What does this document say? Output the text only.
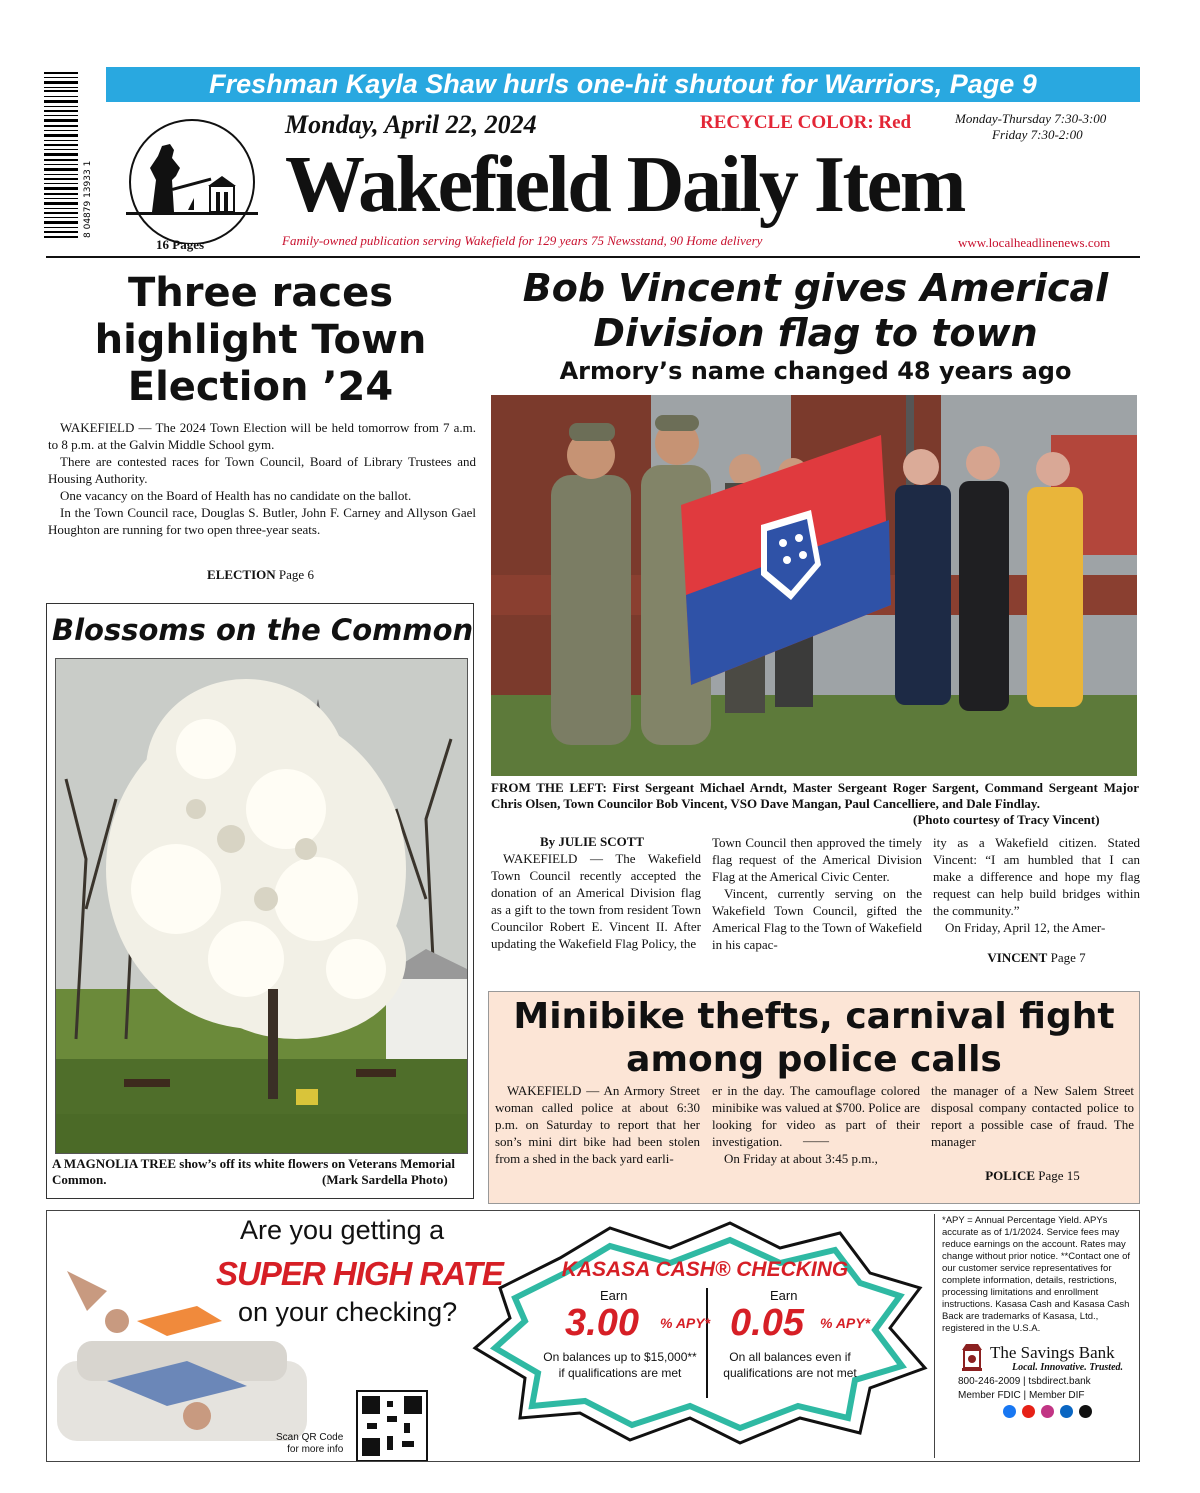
8 04879 13933 1
Freshman Kayla Shaw hurls one-hit shutout for Warriors, Page 9
16 Pages
Monday, April 22, 2024	RECYCLE COLOR: Red	Monday-Thursday 7:30-3:00
Friday 7:30-2:00
Wakefield Daily Item
Family-owned publication serving Wakefield for 129 years 75 Newsstand, 90 Home delivery	www.localheadlinenews.com
Three races highlight Town Election ’24

WAKEFIELD — The 2024 Town Election will be held tomorrow from 7 a.m. to 8 p.m. at the Galvin Middle School gym.

There are contested races for Town Council, Board of Library Trustees and Housing Authority.

One vacancy on the Board of Health has no candidate on the ballot.

In the Town Council race, Douglas S. Butler, John F. Carney and Allyson Gael Houghton are running for two open three-year seats.

ELECTION Page 6
Blossoms on the Common
A MAGNOLIA TREE show’s off its white flowers on Veterans Memorial Common.	(Mark Sardella Photo)
Bob Vincent gives Americal Division flag to town
Armory’s name changed 48 years ago
FROM THE LEFT: First Sergeant Michael Arndt, Master Sergeant Roger Sargent, Command Sergeant Major Chris Olsen, Town Councilor Bob Vincent, VSO Dave Mangan, Paul Cancelliere, and Dale Findlay.
(Photo courtesy of Tracy Vincent)
By JULIE SCOTT
WAKEFIELD — The Wakefield Town Council recently accepted the donation of an Americal Division flag as a gift to the town from resident Town Councilor Robert E. Vincent II. After updating the Wakefield Flag Policy, the
Town Council then approved the timely flag request of the Americal Division Flag at the Americal Civic Center.
Vincent, currently serving on the Wakefield Town Council, gifted the Americal Flag to the Town of Wakefield in his capac-
ity as a Wakefield citizen. Stated Vincent: “I am humbled that I can make a difference and hope my flag request can help build bridges within the community.”
On Friday, April 12, the Amer-
VINCENT Page 7
Minibike thefts, carnival fight among police calls
WAKEFIELD — An Armory Street woman called police at about 6:30 p.m. on Saturday to report that her son’s mini dirt bike had been stolen from a shed in the back yard earli-
er in the day. The camouflage colored minibike was valued at $700. Police are looking for video as part of their investigation.	——
On Friday at about 3:45 p.m.,
the manager of a New Salem Street disposal company contacted police to report a possible case of fraud. The manager
POLICE Page 15
Are you getting a
SUPER HIGH RATE
on your checking?
Scan QR Code
for more info
KASASA CASH® CHECKING
Earn	Earn
3.00 % APY* 0.05 % APY*
On balances up to $15,000** if qualifications are met
On all balances even if qualifications are not met
*APY = Annual Percentage Yield. APYs accurate as of 1/1/2024. Service fees may reduce earnings on the account. Rates may change without prior notice. **Contact one of our customer service representatives for complete information, details, restrictions, processing limitations and enrollment instructions. Kasasa Cash and Kasasa Cash Back are trademarks of Kasasa, Ltd., registered in the U.S.A.
The Savings Bank
Local. Innovative. Trusted.
800-246-2009 | tsbdirect.bank
Member FDIC | Member DIF
